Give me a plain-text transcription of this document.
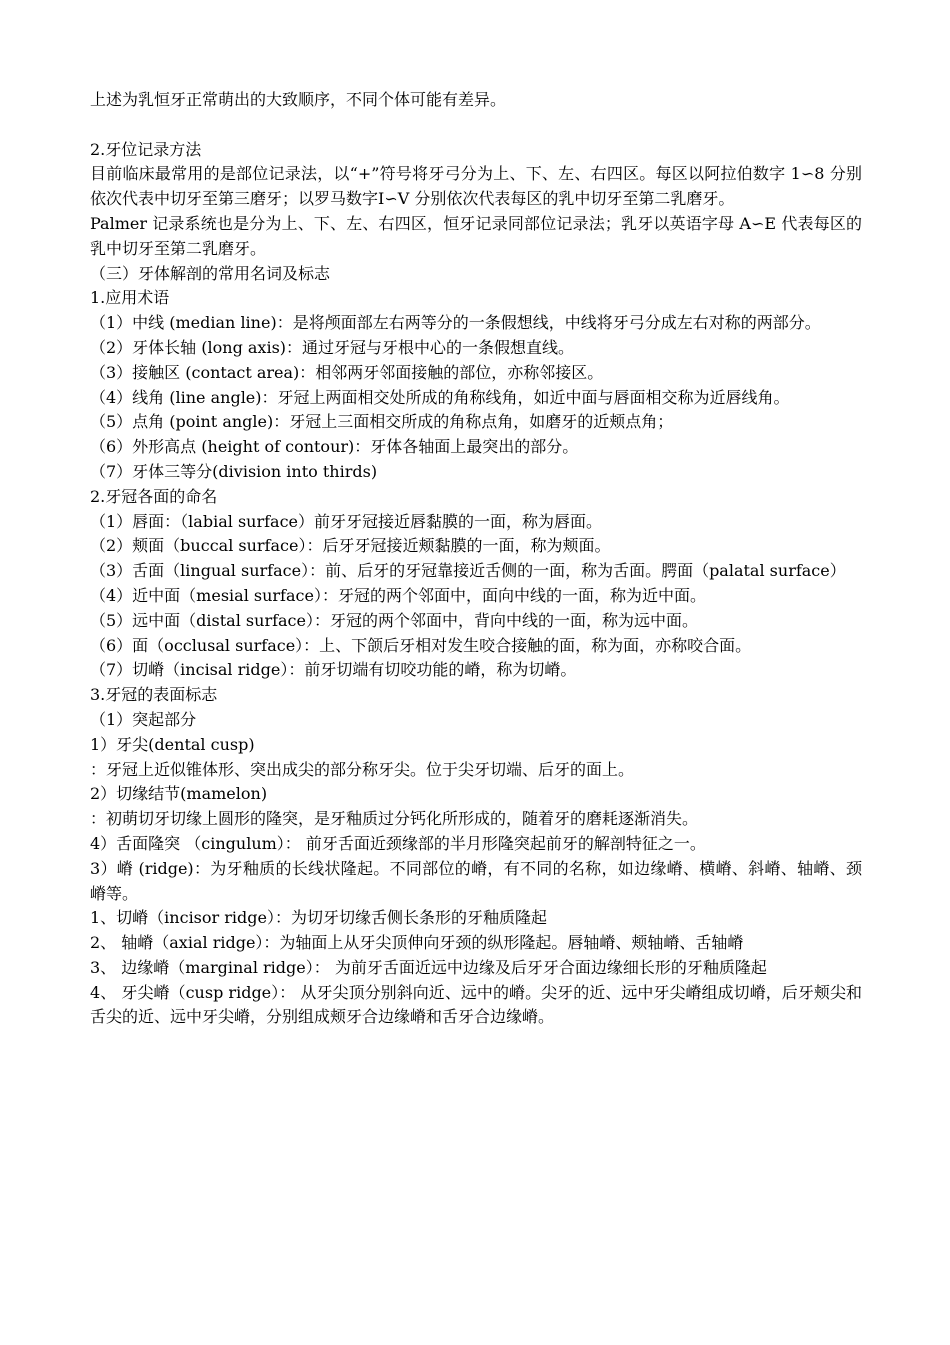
上述为乳恒牙正常萌出的大致顺序，不同个体可能有差异。
2.牙位记录方法
目前临床最常用的是部位记录法，以“+”符号将牙弓分为上、下、左、右四区。每区以阿拉伯数字 1∽8 分别依次代表中切牙至第三磨牙；以罗马数字Ⅰ∽Ⅴ 分别依次代表每区的乳中切牙至第二乳磨牙。
Palmer 记录系统也是分为上、下、左、右四区，恒牙记录同部位记录法；乳牙以英语字母 A∽E 代表每区的乳中切牙至第二乳磨牙。
（三）牙体解剖的常用名词及标志
1.应用术语
（1）中线 (median line)：是将颅面部左右两等分的一条假想线，中线将牙弓分成左右对称的两部分。
（2）牙体长轴 (long axis)：通过牙冠与牙根中心的一条假想直线。
（3）接触区 (contact area)：相邻两牙邻面接触的部位，亦称邻接区。
（4）线角 (line angle)：牙冠上两面相交处所成的角称线角，如近中面与唇面相交称为近唇线角。
（5）点角 (point angle)：牙冠上三面相交所成的角称点角，如磨牙的近颊点角；
（6）外形高点 (height of contour)：牙体各轴面上最突出的部分。
（7）牙体三等分(division into thirds)
2.牙冠各面的命名
（1）唇面：（labial surface）前牙牙冠接近唇黏膜的一面，称为唇面。
（2）颊面（buccal surface）：后牙牙冠接近颊黏膜的一面，称为颊面。
（3）舌面（lingual surface）：前、后牙的牙冠靠接近舌侧的一面，称为舌面。腭面（palatal surface）
（4）近中面（mesial surface）：牙冠的两个邻面中，面向中线的一面，称为近中面。
（5）远中面（distal surface）：牙冠的两个邻面中，背向中线的一面，称为远中面。
（6）面（occlusal surface）：上、下颌后牙相对发生咬合接触的面，称为面，亦称咬合面。
（7）切嵴（incisal ridge）：前牙切端有切咬功能的嵴，称为切嵴。
3.牙冠的表面标志
（1）突起部分
1）牙尖(dental cusp)
：牙冠上近似锥体形、突出成尖的部分称牙尖。位于尖牙切端、后牙的面上。
2）切缘结节(mamelon)
：初萌切牙切缘上圆形的隆突，是牙釉质过分钙化所形成的，随着牙的磨耗逐渐消失。
4）舌面隆突 （cingulum）： 前牙舌面近颈缘部的半月形隆突起前牙的解剖特征之一。
3）嵴 (ridge)：为牙釉质的长线状隆起。不同部位的嵴，有不同的名称，如边缘嵴、横嵴、斜嵴、轴嵴、颈嵴等。
1、切嵴（incisor ridge）：为切牙切缘舌侧长条形的牙釉质隆起
2、 轴嵴（axial ridge）：为轴面上从牙尖顶伸向牙颈的纵形隆起。唇轴嵴、颊轴嵴、舌轴嵴
3、 边缘嵴（marginal ridge）： 为前牙舌面近远中边缘及后牙牙合面边缘细长形的牙釉质隆起
4、 牙尖嵴（cusp ridge）： 从牙尖顶分别斜向近、远中的嵴。尖牙的近、远中牙尖嵴组成切嵴，后牙颊尖和舌尖的近、远中牙尖嵴，分别组成颊牙合边缘嵴和舌牙合边缘嵴。
